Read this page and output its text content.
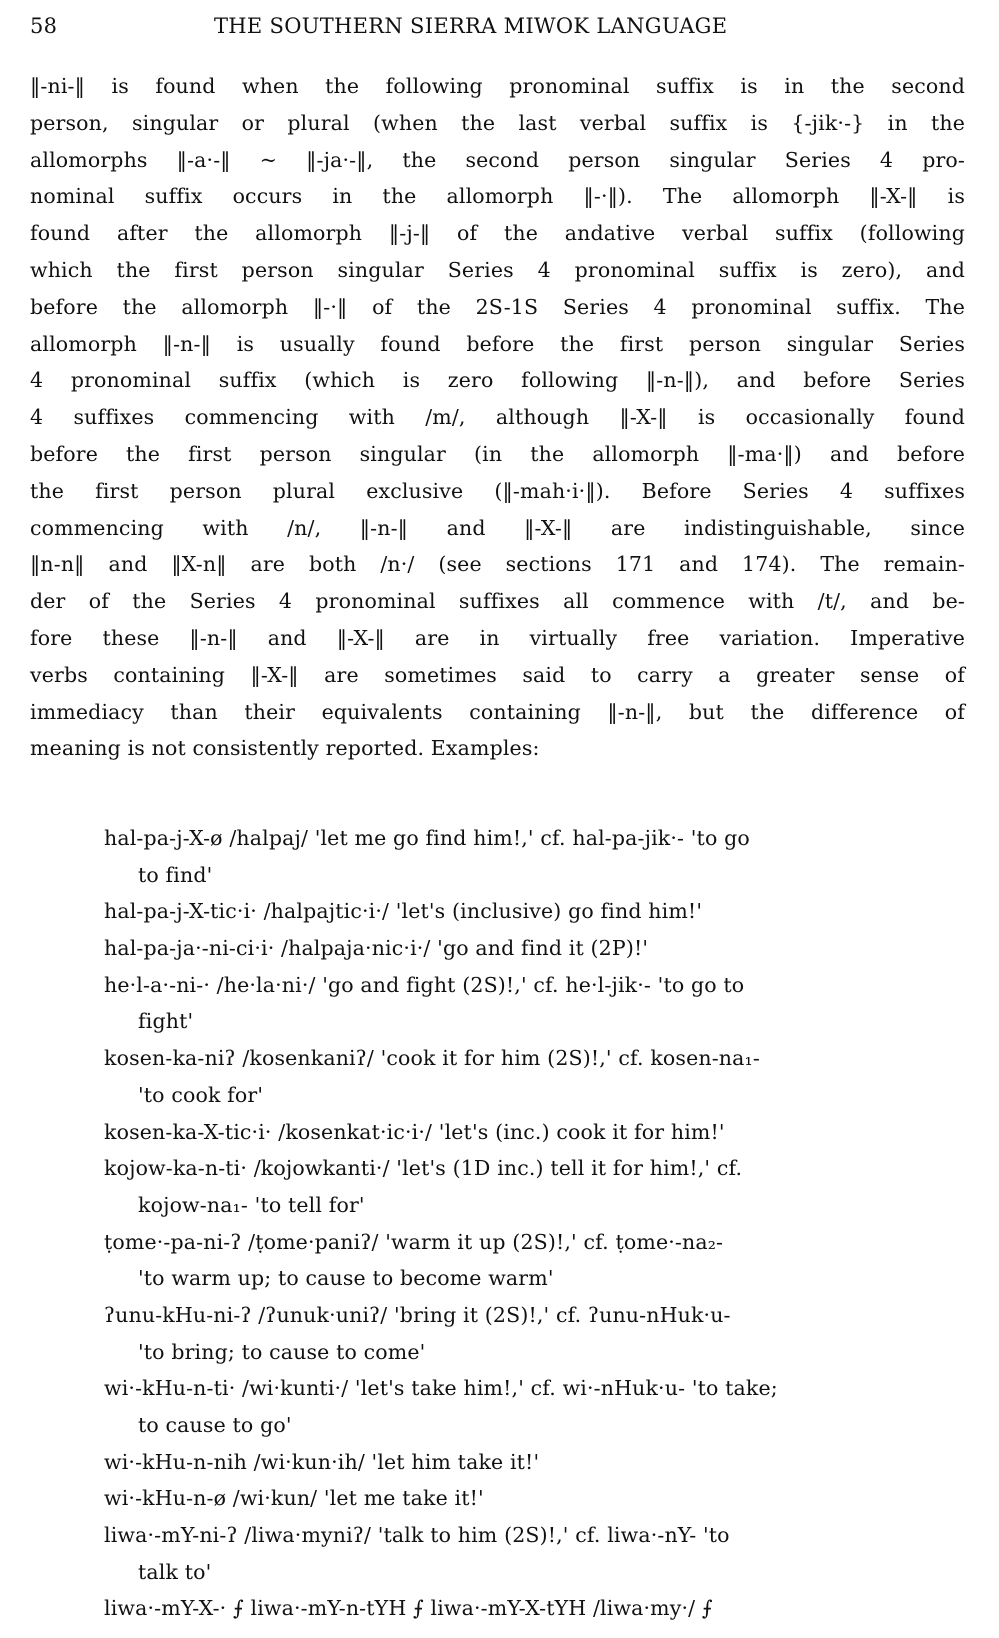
58	THE SOUTHERN SIERRA MIWOK LANGUAGE
‖-ni-‖ is found when the following pronominal suffix is in the second
person, singular or plural (when the last verbal suffix is {-jik·-} in the
allomorphs ‖-a·-‖ ~ ‖-ja·-‖, the second person singular Series 4 pro-
nominal suffix occurs in the allomorph ‖-·‖). The allomorph ‖-X-‖ is
found after the allomorph ‖-j-‖ of the andative verbal suffix (following
which the first person singular Series 4 pronominal suffix is zero), and
before the allomorph ‖-·‖ of the 2S-1S Series 4 pronominal suffix. The
allomorph ‖-n-‖ is usually found before the first person singular Series
4 pronominal suffix (which is zero following ‖-n-‖), and before Series
4 suffixes commencing with /m/, although ‖-X-‖ is occasionally found
before the first person singular (in the allomorph ‖-ma·‖) and before
the first person plural exclusive (‖-mah·i·‖). Before Series 4 suffixes
commencing with /n/, ‖-n-‖ and ‖-X-‖ are indistinguishable, since
‖n-n‖ and ‖X-n‖ are both /n·/ (see sections 171 and 174). The remain-
der of the Series 4 pronominal suffixes all commence with /t/, and be-
fore these ‖-n-‖ and ‖-X-‖ are in virtually free variation. Imperative
verbs containing ‖-X-‖ are sometimes said to carry a greater sense of
immediacy than their equivalents containing ‖-n-‖, but the difference of
meaning is not consistently reported. Examples:
hal-pa-j-X-ø /halpaj/ 'let me go find him!,' cf. hal-pa-jik·- 'to go
to find'
hal-pa-j-X-tic·i· /halpajtic·i·/ 'let's (inclusive) go find him!'
hal-pa-ja·-ni-ci·i· /halpaja·nic·i·/ 'go and find it (2P)!'
he·l-a·-ni-· /he·la·ni·/ 'go and fight (2S)!,' cf. he·l-jik·- 'to go to
fight'
kosen-ka-niʔ /kosenkaniʔ/ 'cook it for him (2S)!,' cf. kosen-na₁-
'to cook for'
kosen-ka-X-tic·i· /kosenkat·ic·i·/ 'let's (inc.) cook it for him!'
kojow-ka-n-ti· /kojowkanti·/ 'let's (1D inc.) tell it for him!,' cf.
kojow-na₁- 'to tell for'
ṭome·-pa-ni-ʔ /ṭome·paniʔ/ 'warm it up (2S)!,' cf. ṭome·-na₂-
'to warm up; to cause to become warm'
ʔunu-kHu-ni-ʔ /ʔunuk·uniʔ/ 'bring it (2S)!,' cf. ʔunu-nHuk·u-
'to bring; to cause to come'
wi·-kHu-n-ti· /wi·kunti·/ 'let's take him!,' cf. wi·-nHuk·u- 'to take;
to cause to go'
wi·-kHu-n-nih /wi·kun·ih/ 'let him take it!'
wi·-kHu-n-ø /wi·kun/ 'let me take it!'
liwa·-mY-ni-ʔ /liwa·myniʔ/ 'talk to him (2S)!,' cf. liwa·-nY- 'to
talk to'
liwa·-mY-X-· ⨍ liwa·-mY-n-tYH ⨍ liwa·-mY-X-tYH /liwa·my·/ ⨍
